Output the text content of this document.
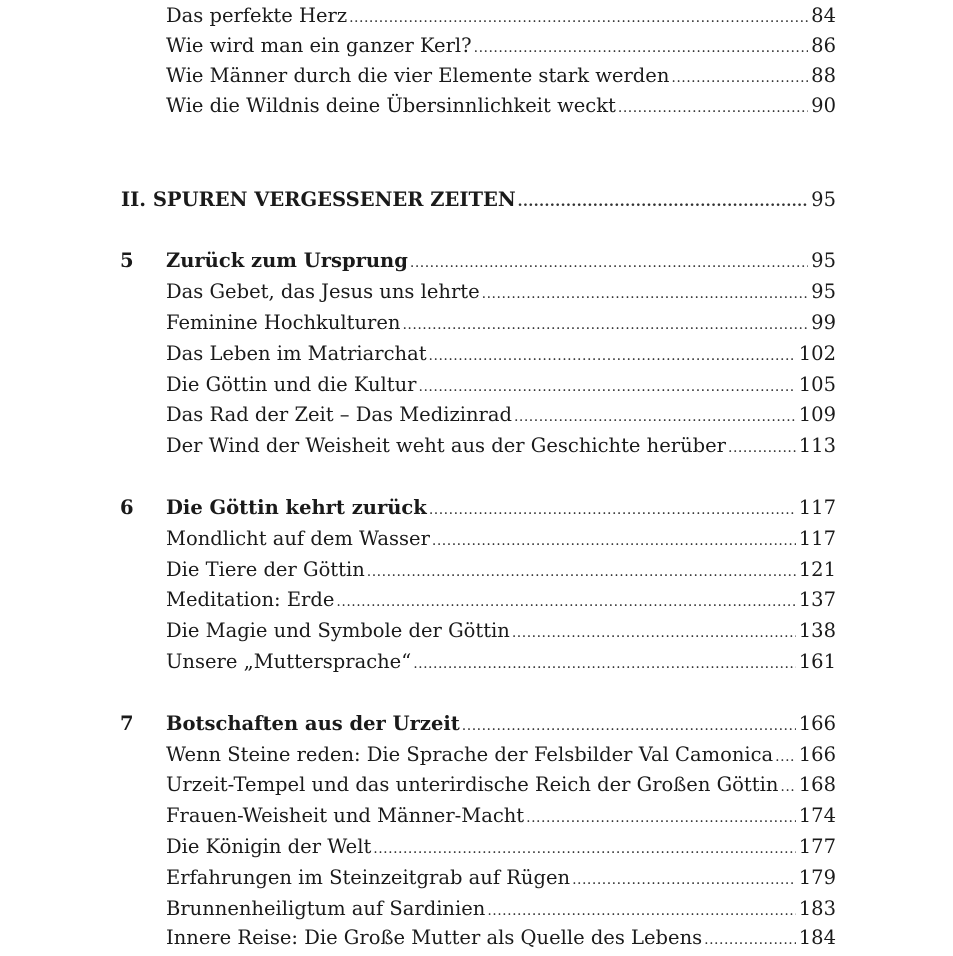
Das perfekte Herz .....	84
Wie wird man ein ganzer Kerl? .....	86
Wie Männer durch die vier Elemente stark werden .....	88
Wie die Wildnis deine Übersinnlichkeit weckt .....	90
II. SPUREN VERGESSENER ZEITEN .....	95
5 Zurück zum Ursprung .....	95
Das Gebet, das Jesus uns lehrte .....	95
Feminine Hochkulturen .....	99
Das Leben im Matriarchat .....	102
Die Göttin und die Kultur .....	105
Das Rad der Zeit – Das Medizinrad .....	109
Der Wind der Weisheit weht aus der Geschichte herüber .....	113
6 Die Göttin kehrt zurück .....	117
Mondlicht auf dem Wasser .....	117
Die Tiere der Göttin .....	121
Meditation: Erde .....	137
Die Magie und Symbole der Göttin .....	138
Unsere „Muttersprache“ .....	161
7 Botschaften aus der Urzeit .....	166
Wenn Steine reden: Die Sprache der Felsbilder Val Camonica ..... 166
Urzeit-Tempel und das unterirdische Reich der Großen Göttin ..... 168
Frauen-Weisheit und Männer-Macht .....	174
Die Königin der Welt .....	177
Erfahrungen im Steinzeitgrab auf Rügen .....	179
Brunnenheiligtum auf Sardinien .....	183
Innere Reise: Die Große Mutter als Quelle des Lebens .....	184
